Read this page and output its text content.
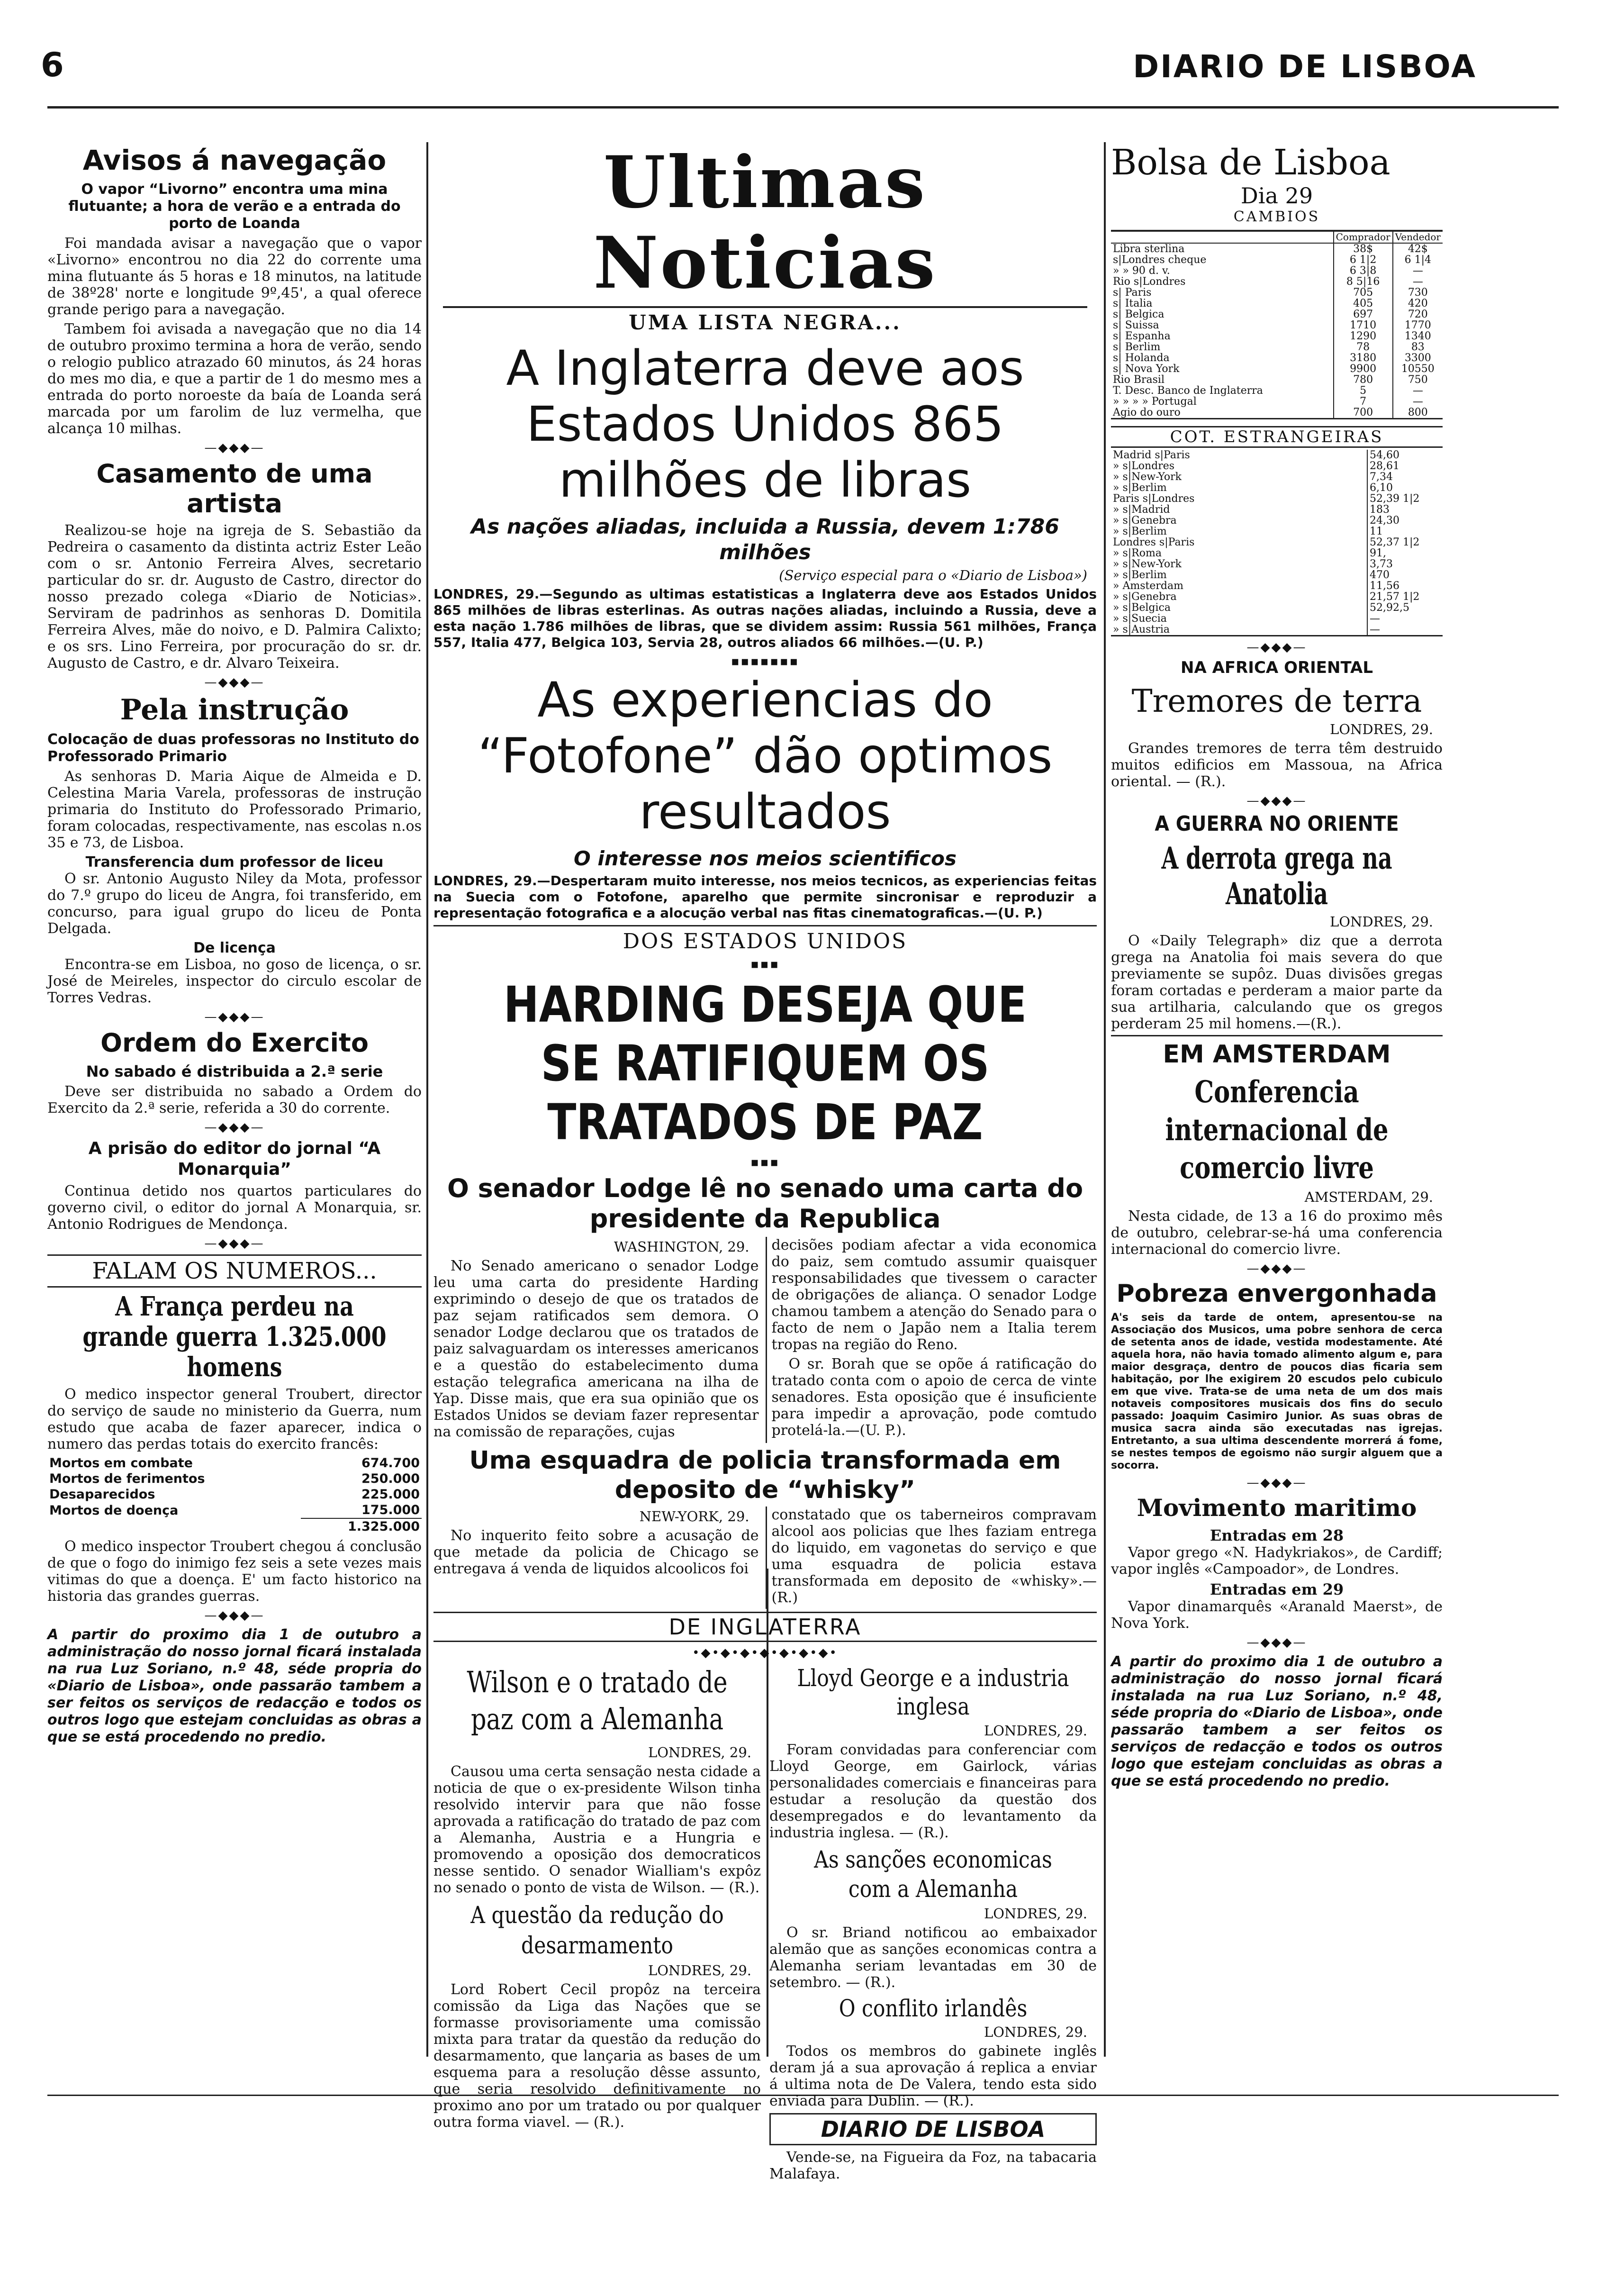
6	DIARIO DE LISBOA
Avisos á navegação
O vapor “Livorno” encontra uma mina flutuante; a hora de verão e a entrada do porto de Loanda

Foi mandada avisar a navegação que o vapor «Livorno» encontrou no dia 22 do corrente uma mina flutuante ás 5 horas e 18 minutos, na latitude de 38º28' norte e longitude 9º,45', a qual oferece grande perigo para a navegação.

Tambem foi avisada a navegação que no dia 14 de outubro proximo termina a hora de verão, sendo o relogio publico atrazado 60 minutos, ás 24 horas do mes mo dia, e que a partir de 1 do mesmo mes a entrada do porto noroeste da baía de Loanda será marcada por um farolim de luz vermelha, que alcança 10 milhas.

—◆◆◆—
Casamento de uma artista

Realizou-se hoje na igreja de S. Sebastião da Pedreira o casamento da distinta actriz Ester Leão com o sr. Antonio Ferreira Alves, secretario particular do sr. dr. Augusto de Castro, director do nosso prezado colega «Diario de Noticias». Serviram de padrinhos as senhoras D. Domitila Ferreira Alves, mãe do noivo, e D. Palmira Calixto; e os srs. Lino Ferreira, por procuração do sr. dr. Augusto de Castro, e dr. Alvaro Teixeira.

—◆◆◆—
Pela instrução
Colocação de duas professoras no Instituto do Professorado Primario

As senhoras D. Maria Aique de Almeida e D. Celestina Maria Varela, professoras de instrução primaria do Instituto do Professorado Primario, foram colocadas, respectivamente, nas escolas n.os 35 e 73, de Lisboa.

Transferencia dum professor de liceu

O sr. Antonio Augusto Niley da Mota, professor do 7.º grupo do liceu de Angra, foi transferido, em concurso, para igual grupo do liceu de Ponta Delgada.

De licença

Encontra-se em Lisboa, no goso de licença, o sr. José de Meireles, inspector do circulo escolar de Torres Vedras.

—◆◆◆—
Ordem do Exercito
No sabado é distribuida a 2.ª serie

Deve ser distribuida no sabado a Ordem do Exercito da 2.ª serie, referida a 30 do corrente.

—◆◆◆—
A prisão do editor do jornal “A Monarquia”

Continua detido nos quartos particulares do governo civil, o editor do jornal A Monarquia, sr. Antonio Rodrigues de Mendonça.

—◆◆◆—
FALAM OS NUMEROS...
A França perdeu na grande guerra 1.325.000 homens

O medico inspector general Troubert, director do serviço de saude no ministerio da Guerra, num estudo que acaba de fazer aparecer, indica o numero das perdas totais do exercito francês:

Mortos em combate	674.700
Mortos de ferimentos	250.000
Desaparecidos	225.000
Mortos de doença	175.000
	1.325.000

O medico inspector Troubert chegou á conclusão de que o fogo do inimigo fez seis a sete vezes mais vitimas do que a doença. E' um facto historico na historia das grandes guerras.

—◆◆◆—

A partir do proximo dia 1 de outubro a administração do nosso jornal ficará instalada na rua Luz Soriano, n.º 48, séde propria do «Diario de Lisboa», onde passarão tambem a ser feitos os serviços de redacção e todos os outros logo que estejam concluidas as obras a que se está procedendo no predio.

Ultimas Noticias
UMA LISTA NEGRA...
A Inglaterra deve aos Estados Unidos 865 milhões de libras
As nações aliadas, incluida a Russia, devem 1:786 milhões
(Serviço especial para o «Diario de Lisboa»)

LONDRES, 29.—Segundo as ultimas estatisticas a Inglaterra deve aos Estados Unidos 865 milhões de libras esterlinas. As outras nações aliadas, incluindo a Russia, deve a esta nação 1.786 milhões de libras, que se dividem assim: Russia 561 milhões, França 557, Italia 477, Belgica 103, Servia 28, outros aliados 66 milhões.—(U. P.)

▪▪▪▪▪▪▪
As experiencias do “Fotofone” dão optimos resultados
O interesse nos meios scientificos

LONDRES, 29.—Despertaram muito interesse, nos meios tecnicos, as experiencias feitas na Suecia com o Fotofone, aparelho que permite sincronisar e reproduzir a representação fotografica e a alocução verbal nas fitas cinematograficas.—(U. P.)

DOS ESTADOS UNIDOS
▪▪▪
HARDING DESEJA QUE SE RATIFIQUEM OS TRATADOS DE PAZ
▪▪▪
O senador Lodge lê no senado uma carta do presidente da Republica
WASHINGTON, 29.

No Senado americano o senador Lodge leu uma carta do presidente Harding exprimindo o desejo de que os tratados de paz sejam ratificados sem demora. O senador Lodge declarou que os tratados de paiz salvaguardam os interesses americanos e a questão do estabelecimento duma estação telegrafica americana na ilha de Yap. Disse mais, que era sua opinião que os Estados Unidos se deviam fazer representar na comissão de reparações, cujas

decisões podiam afectar a vida economica do paiz, sem comtudo assumir quaisquer responsabilidades que tivessem o caracter de obrigações de aliança. O senador Lodge chamou tambem a atenção do Senado para o facto de nem o Japão nem a Italia terem tropas na região do Reno.

O sr. Borah que se opõe á ratificação do tratado conta com o apoio de cerca de vinte senadores. Esta oposição que é insuficiente para impedir a aprovação, pode comtudo protelá-la.—(U. P.).

Uma esquadra de policia transformada em deposito de “whisky”
NEW-YORK, 29.

No inquerito feito sobre a acusação de que metade da policia de Chicago se entregava á venda de liquidos alcoolicos foi

constatado que os taberneiros compravam alcool aos policias que lhes faziam entrega do liquido, em vagonetas do serviço e que uma esquadra de policia estava transformada em deposito de «whisky».—(R.)

DE INGLATERRA
•◆•◆•◆•◆•◆•◆•◆•
Wilson e o tratado de paz com a Alemanha
LONDRES, 29.

Causou uma certa sensação nesta cidade a noticia de que o ex-presidente Wilson tinha resolvido intervir para que não fosse aprovada a ratificação do tratado de paz com a Alemanha, Austria e a Hungria e promovendo a oposição dos democraticos nesse sentido. O senador Wialliam's expôz no senado o ponto de vista de Wilson. — (R.).

A questão da redução do desarmamento
LONDRES, 29.

Lord Robert Cecil propôz na terceira comissão da Liga das Nações que se formasse provisoriamente uma comissão mixta para tratar da questão da redução do desarmamento, que lançaria as bases de um esquema para a resolução dêsse assunto, que seria resolvido definitivamente no proximo ano por um tratado ou por qualquer outra forma viavel. — (R.).

Lloyd George e a industria inglesa
LONDRES, 29.

Foram convidadas para conferenciar com Lloyd George, em Gairlock, várias personalidades comerciais e financeiras para estudar a resolução da questão dos desempregados e do levantamento da industria inglesa. — (R.).

As sanções economicas com a Alemanha
LONDRES, 29.

O sr. Briand notificou ao embaixador alemão que as sanções economicas contra a Alemanha seriam levantadas em 30 de setembro. — (R.).

O conflito irlandês
LONDRES, 29.

Todos os membros do gabinete inglês deram já a sua aprovação á replica a enviar á ultima nota de De Valera, tendo esta sido enviada para Dublin. — (R.).

DIARIO DE LISBOA

Vende-se, na Figueira da Foz, na tabacaria Malafaya.

Bolsa de Lisboa
Dia 29
CAMBIOS
	Comprador	Vendedor
Libra sterlina	38$	42$
s|Londres cheque	6 1|2	6 1|4
» » 90 d. v.	6 3|8	—
Rio s|Londres	8 5|16	—
s| Paris	705	730
s| Italia	405	420
s| Belgica	697	720
s| Suissa	1710	1770
s| Espanha	1290	1340
s| Berlim	78	83
s| Holanda	3180	3300
s| Nova York	9900	10550
Rio Brasil	780	750
T. Desc. Banco de Inglaterra	5	—
» » » » Portugal	7	—
Agio do ouro	700	800
COT. ESTRANGEIRAS
Madrid s|Paris	54,60
» s|Londres	28,61
» s|New-York	7,34
» s|Berlim	6,10
Paris s|Londres	52,39 1|2
» s|Madrid	183
» s|Genebra	24,30
» s|Berlim	11
Londres s|Paris	52,37 1|2
» s|Roma	91,
» s|New-York	3,73
» s|Berlim	470
» Amsterdam	11,56
» s|Genebra	21,57 1|2
» s|Belgica	52,92,5
» s|Suecia	—
» s|Austria	—
—◆◆◆—
NA AFRICA ORIENTAL
Tremores de terra
LONDRES, 29.

Grandes tremores de terra têm destruido muitos edificios em Massoua, na Africa oriental. — (R.).

—◆◆◆—
A GUERRA NO ORIENTE
A derrota grega na Anatolia
LONDRES, 29.

O «Daily Telegraph» diz que a derrota grega na Anatolia foi mais severa do que previamente se supôz. Duas divisões gregas foram cortadas e perderam a maior parte da sua artilharia, calculando que os gregos perderam 25 mil homens.—(R.).

EM AMSTERDAM
Conferencia internacional de comercio livre
AMSTERDAM, 29.

Nesta cidade, de 13 a 16 do proximo mês de outubro, celebrar-se-há uma conferencia internacional do comercio livre.

—◆◆◆—
Pobreza envergonhada

A's seis da tarde de ontem, apresentou-se na Associação dos Musicos, uma pobre senhora de cerca de setenta anos de idade, vestida modestamente. Até aquela hora, não havia tomado alimento algum e, para maior desgraça, dentro de poucos dias ficaria sem habitação, por lhe exigirem 20 escudos pelo cubiculo em que vive. Trata-se de uma neta de um dos mais notaveis compositores musicais dos fins do seculo passado: Joaquim Casimiro Junior. As suas obras de musica sacra ainda são executadas nas igrejas. Entretanto, a sua ultima descendente morrerá á fome, se nestes tempos de egoismo não surgir alguem que a socorra.

—◆◆◆—
Movimento maritimo
Entradas em 28

Vapor grego «N. Hadykriakos», de Cardiff; vapor inglês «Campoador», de Londres.

Entradas em 29

Vapor dinamarquês «Aranald Maerst», de Nova York.

—◆◆◆—

A partir do proximo dia 1 de outubro a administração do nosso jornal ficará instalada na rua Luz Soriano, n.º 48, séde propria do «Diario de Lisboa», onde passarão tambem a ser feitos os serviços de redacção e todos os outros logo que estejam concluidas as obras a que se está procedendo no predio.
